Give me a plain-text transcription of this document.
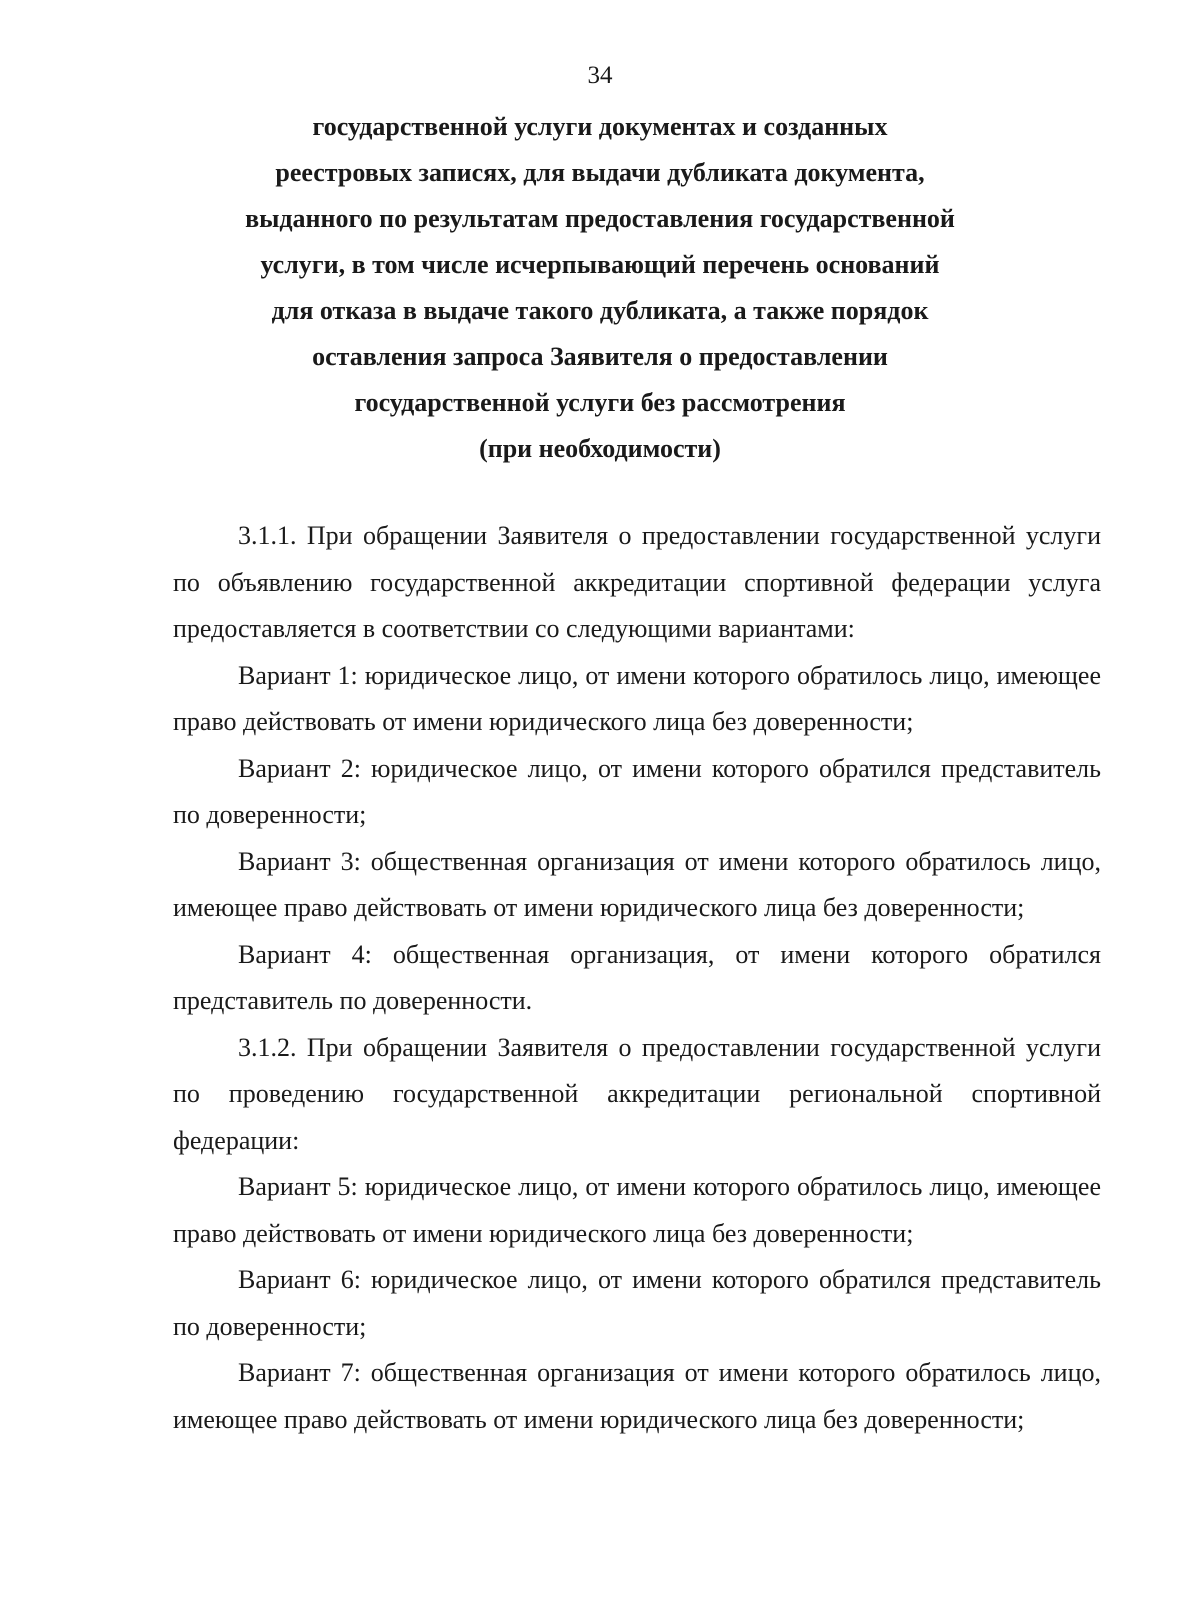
34
государственной услуги документах и созданных
реестровых записях, для выдачи дубликата документа,
выданного по результатам предоставления государственной
услуги, в том числе исчерпывающий перечень оснований
для отказа в выдаче такого дубликата, а также порядок
оставления запроса Заявителя о предоставлении
государственной услуги без рассмотрения
(при необходимости)

3.1.1. При обращении Заявителя о предоставлении государственной услуги по объявлению государственной аккредитации спортивной федерации услуга предоставляется в соответствии со следующими вариантами:

Вариант 1: юридическое лицо, от имени которого обратилось лицо, имеющее право действовать от имени юридического лица без доверенности;

Вариант 2: юридическое лицо, от имени которого обратился представитель по доверенности;

Вариант 3: общественная организация от имени которого обратилось лицо, имеющее право действовать от имени юридического лица без доверенности;

Вариант 4: общественная организация, от имени которого обратился представитель по доверенности.

3.1.2. При обращении Заявителя о предоставлении государственной услуги по проведению государственной аккредитации региональной спортивной федерации:

Вариант 5: юридическое лицо, от имени которого обратилось лицо, имеющее право действовать от имени юридического лица без доверенности;

Вариант 6: юридическое лицо, от имени которого обратился представитель по доверенности;

Вариант 7: общественная организация от имени которого обратилось лицо, имеющее право действовать от имени юридического лица без доверенности;
